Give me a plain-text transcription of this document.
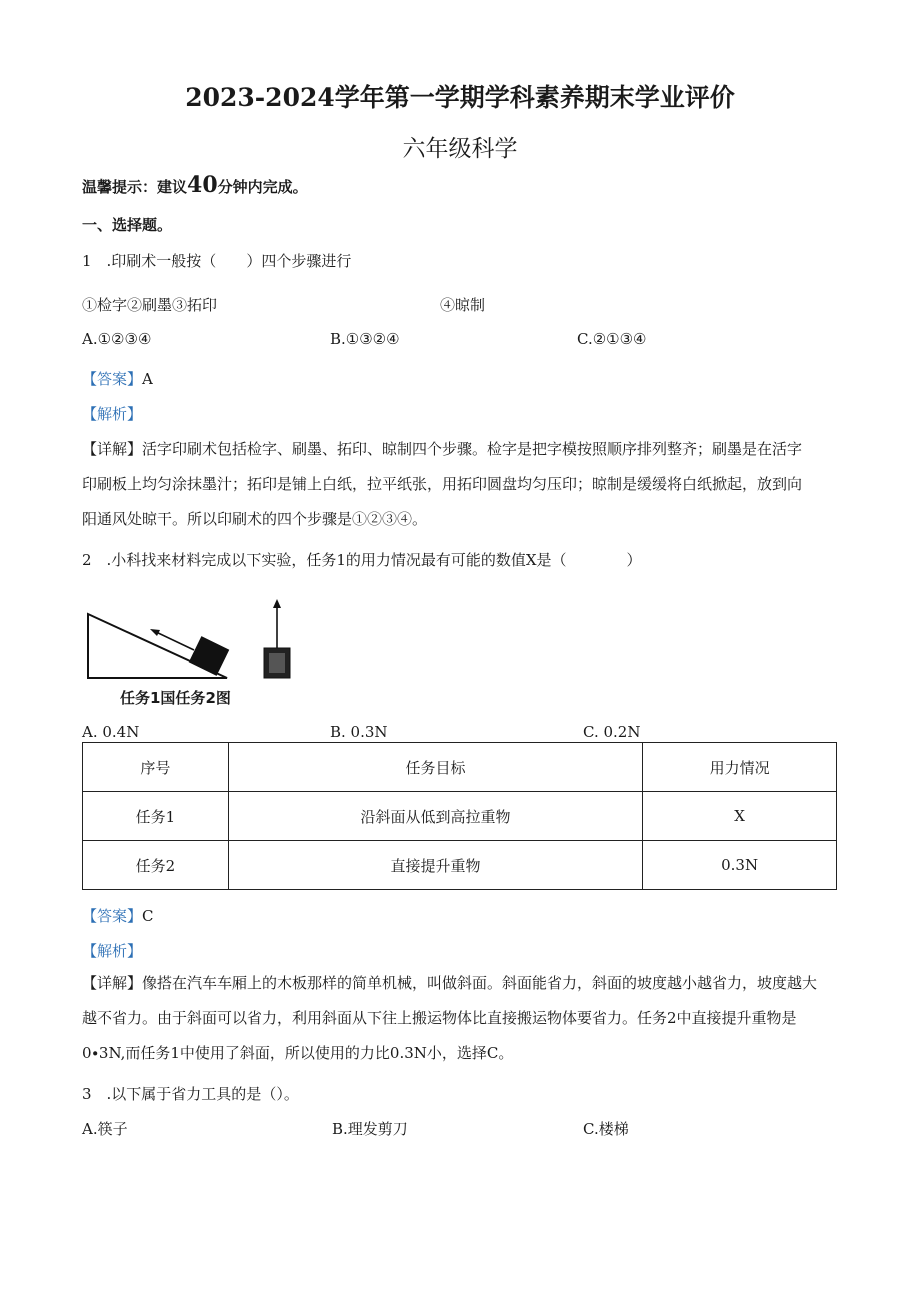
2023-2024学年第一学期学科素养期末学业评价
六年级科学
温馨提示：建议40分钟内完成。
一、选择题。
1　.印刷术一般按（　　）四个步骤进行
①检字②刷墨③拓印	④晾制
A.①②③④	B.①③②④	C.②①③④
【答案】A
【解析】
【详解】活字印刷术包括检字、刷墨、拓印、晾制四个步骤。检字是把字模按照顺序排列整齐；刷墨是在活字
印刷板上均匀涂抹墨汁；拓印是铺上白纸，拉平纸张，用拓印圆盘均匀压印；晾制是缓缓将白纸掀起，放到向
阳通风处晾干。所以印刷术的四个步骤是①②③④。
2　.小科找来材料完成以下实验，任务1的用力情况最有可能的数值X是（　　　　）
任务1国任务2图
A. 0.4N	B. 0.3N	C. 0.2N
序号	任务目标	用力情况
任务1	沿斜面从低到高拉重物	X
任务2	直接提升重物	0.3N
【答案】C
【解析】
【详解】像搭在汽车车厢上的木板那样的简单机械，叫做斜面。斜面能省力，斜面的坡度越小越省力，坡度越大
越不省力。由于斜面可以省力，利用斜面从下往上搬运物体比直接搬运物体要省力。任务2中直接提升重物是
0∙3N,而任务1中使用了斜面，所以使用的力比0.3N小，选择C。
3　.以下属于省力工具的是（）。
A.筷子	B.理发剪刀	C.楼梯
